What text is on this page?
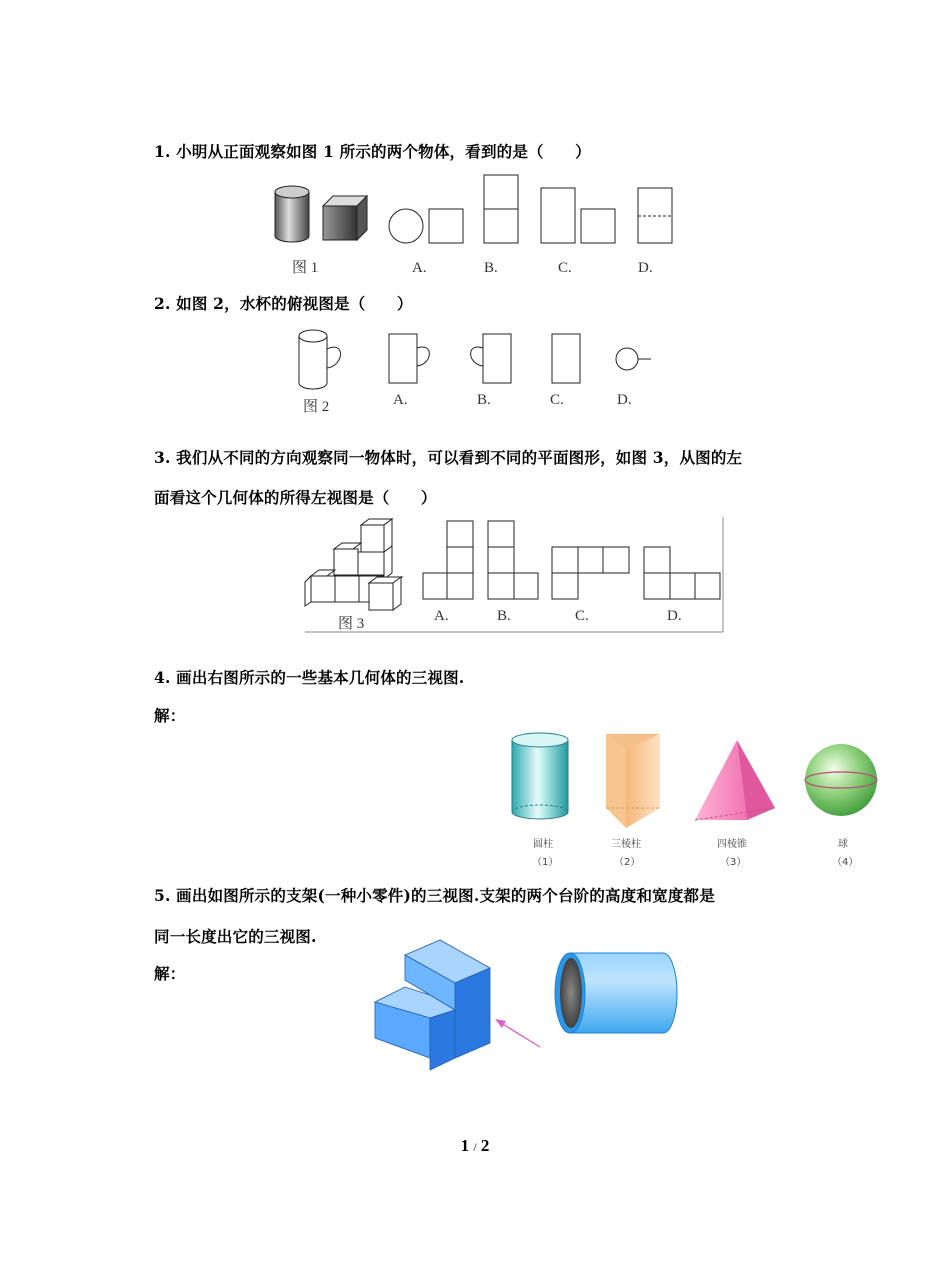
1. 小明从正面观察如图 1 所示的两个物体，看到的是（　　）
图 1	A.	B.	C.	D.
2. 如图 2，水杯的俯视图是（　　）
图 2	A.	B.	C.	D.
3. 我们从不同的方向观察同一物体时，可以看到不同的平面图形，如图 3，从图的左
面看这个几何体的所得左视图是（　　）
图 3	A.	B.	C.	D.
4. 画出右图所示的一些基本几何体的三视图.
解：
圆柱
（1）
三棱柱
（2）
四棱锥
（3）
球
（4）
5. 画出如图所示的支架(一种小零件)的三视图.支架的两个台阶的高度和宽度都是
同一长度出它的三视图.
解：
1 / 2
